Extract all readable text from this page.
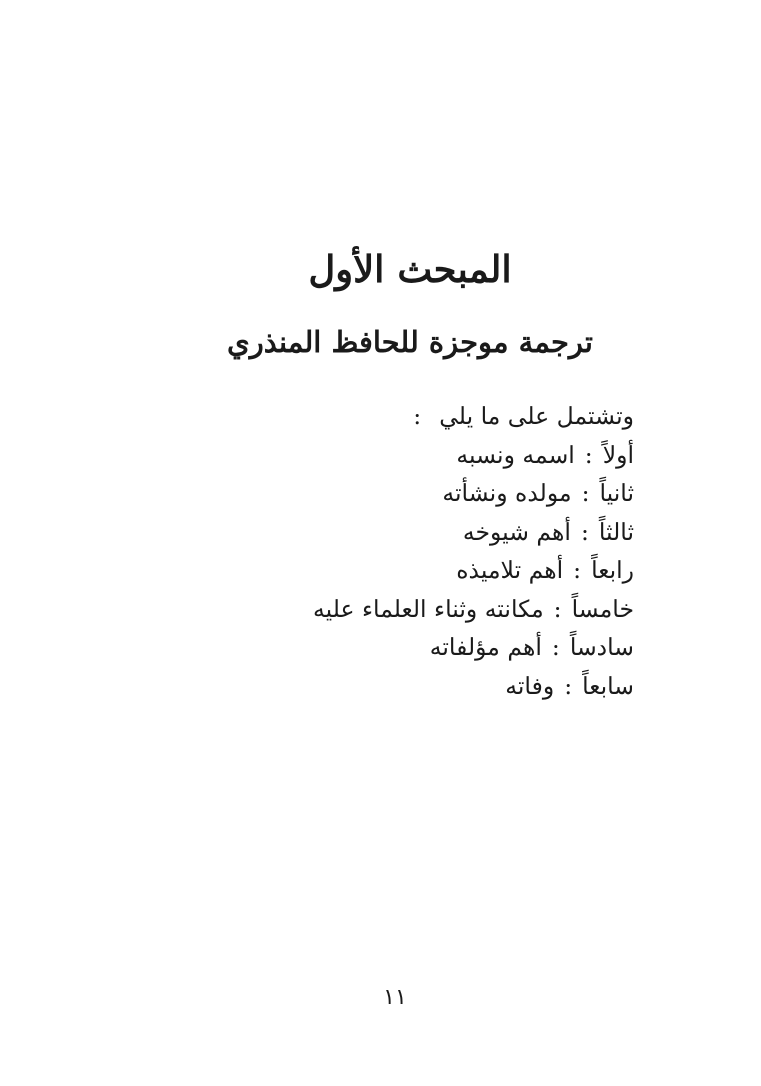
المبحث الأول
ترجمة موجزة للحافظ المنذري
وتشتمل على ما يلي:
أولاً:اسمه ونسبه
ثانياً:مولده ونشأته
ثالثاً:أهم شيوخه
رابعاً:أهم تلاميذه
خامساً:مكانته وثناء العلماء عليه
سادساً:أهم مؤلفاته
سابعاً:وفاته
١١
